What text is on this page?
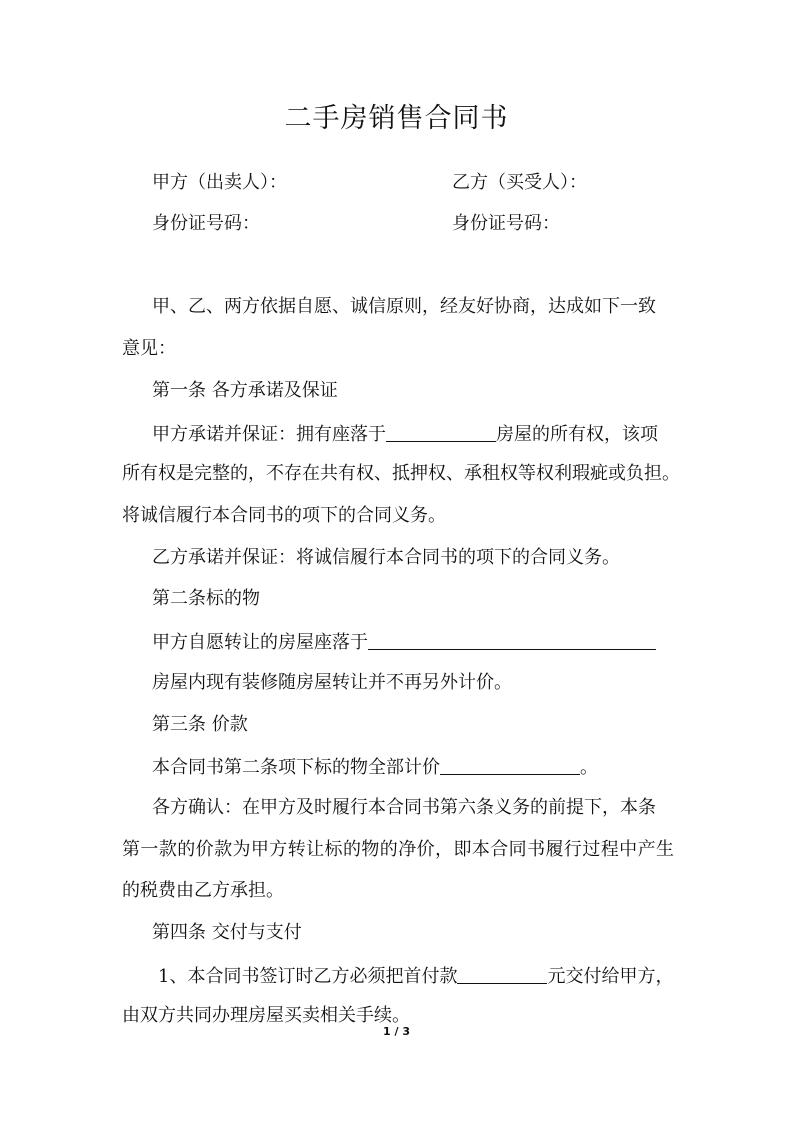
二手房销售合同书
甲方（出卖人）：	乙方（买受人）：
身份证号码：	身份证号码：
甲、乙、两方依据自愿、诚信原则，经友好协商，达成如下一致
意见：
第一条 各方承诺及保证
甲方承诺并保证：拥有座落于	房屋的所有权，该项
所有权是完整的，不存在共有权、抵押权、承租权等权利瑕疵或负担。
将诚信履行本合同书的项下的合同义务。
乙方承诺并保证：将诚信履行本合同书的项下的合同义务。
第二条标的物
甲方自愿转让的房屋座落于
房屋内现有装修随房屋转让并不再另外计价。
第三条 价款
本合同书第二条项下标的物全部计价	。
各方确认：在甲方及时履行本合同书第六条义务的前提下，本条
第一款的价款为甲方转让标的物的净价，即本合同书履行过程中产生
的税费由乙方承担。
第四条 交付与支付
1、本合同书签订时乙方必须把首付款	元交付给甲方，
由双方共同办理房屋买卖相关手续。
1 / 3
